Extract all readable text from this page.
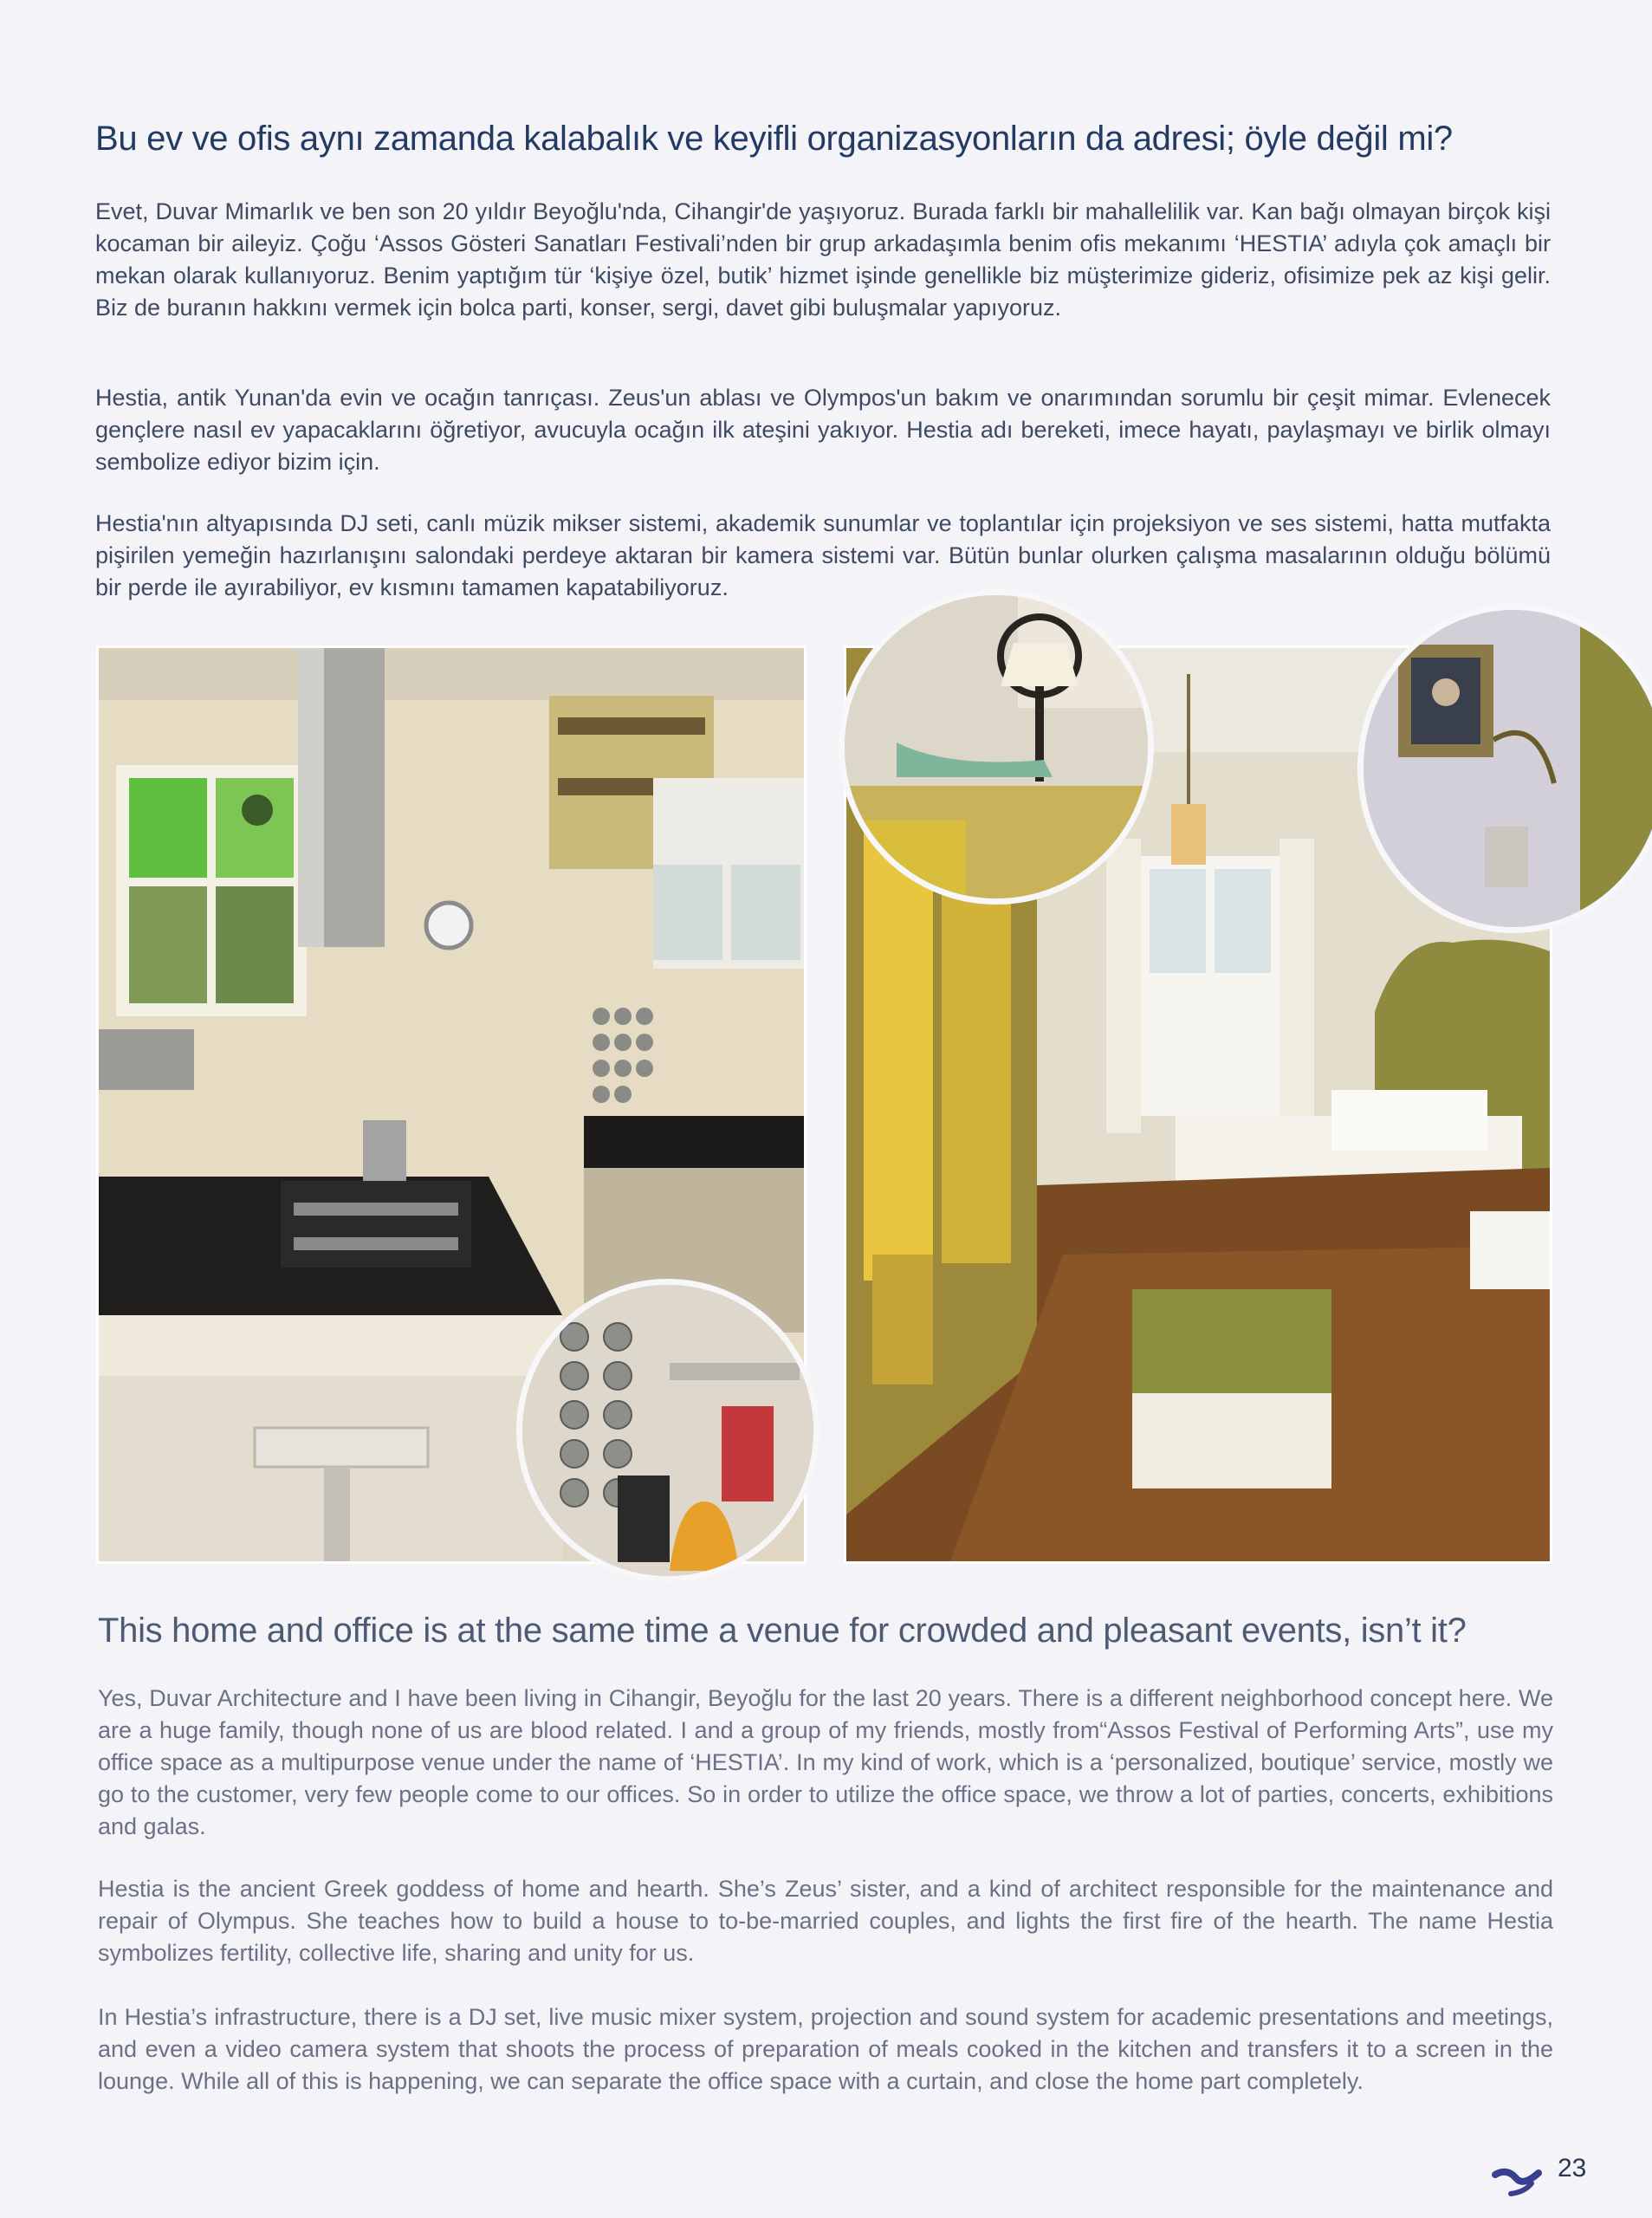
Bu ev ve ofis aynı zamanda kalabalık ve keyifli organizasyonların da adresi; öyle değil mi?

Evet, Duvar Mimarlık ve ben son 20 yıldır Beyoğlu'nda, Cihangir'de yaşıyoruz. Burada farklı bir mahallelilik var. Kan bağı olmayan birçok kişi kocaman bir aileyiz. Çoğu ‘Assos Gösteri Sanatları Festivali’nden bir grup arkadaşımla benim ofis mekanımı ‘HESTIA’ adıyla çok amaçlı bir mekan olarak kullanıyoruz. Benim yaptığım tür ‘kişiye özel, butik’ hizmet işinde genellikle biz müşterimize gideriz, ofisimize pek az kişi gelir. Biz de buranın hakkını vermek için bolca parti, konser, sergi, davet gibi buluşmalar yapıyoruz.

Hestia, antik Yunan'da evin ve ocağın tanrıçası. Zeus'un ablası ve Olympos'un bakım ve onarımından sorumlu bir çeşit mimar. Evlenecek gençlere nasıl ev yapacaklarını öğretiyor, avucuyla ocağın ilk ateşini yakıyor. Hestia adı bereketi, imece hayatı, paylaşmayı ve birlik olmayı sembolize ediyor bizim için.

Hestia'nın altyapısında DJ seti, canlı müzik mikser sistemi, akademik sunumlar ve toplantılar için projeksiyon ve ses sistemi, hatta mutfakta pişirilen yemeğin hazırlanışını salondaki perdeye aktaran bir kamera sistemi var. Bütün bunlar olurken çalışma masalarının olduğu bölümü bir perde ile ayırabiliyor, ev kısmını tamamen kapatabiliyoruz.

This home and office is at the same time a venue for crowded and pleasant events, isn’t it?

Yes, Duvar Architecture and I have been living in Cihangir, Beyoğlu for the last 20 years. There is a different neighborhood concept here. We are a huge family, though none of us are blood related. I and a group of my friends, mostly from“Assos Festival of Performing Arts”, use my office space as a multipurpose venue under the name of ‘HESTIA’. In my kind of work, which is a ‘personalized, boutique’ service, mostly we go to the customer, very few people come to our offices. So in order to utilize the office space, we throw a lot of parties, concerts, exhibitions and galas.

Hestia is the ancient Greek goddess of home and hearth. She’s Zeus’ sister, and a kind of architect responsible for the maintenance and repair of Olympus. She teaches how to build a house to to-be-married couples, and lights the first fire of the hearth. The name Hestia symbolizes fertility, collective life, sharing and unity for us.

In Hestia’s infrastructure, there is a DJ set, live music mixer system, projection and sound system for academic presentations and meetings, and even a video camera system that shoots the process of preparation of meals cooked in the kitchen and transfers it to a screen in the lounge. While all of this is happening, we can separate the office space with a curtain, and close the home part completely.

23
